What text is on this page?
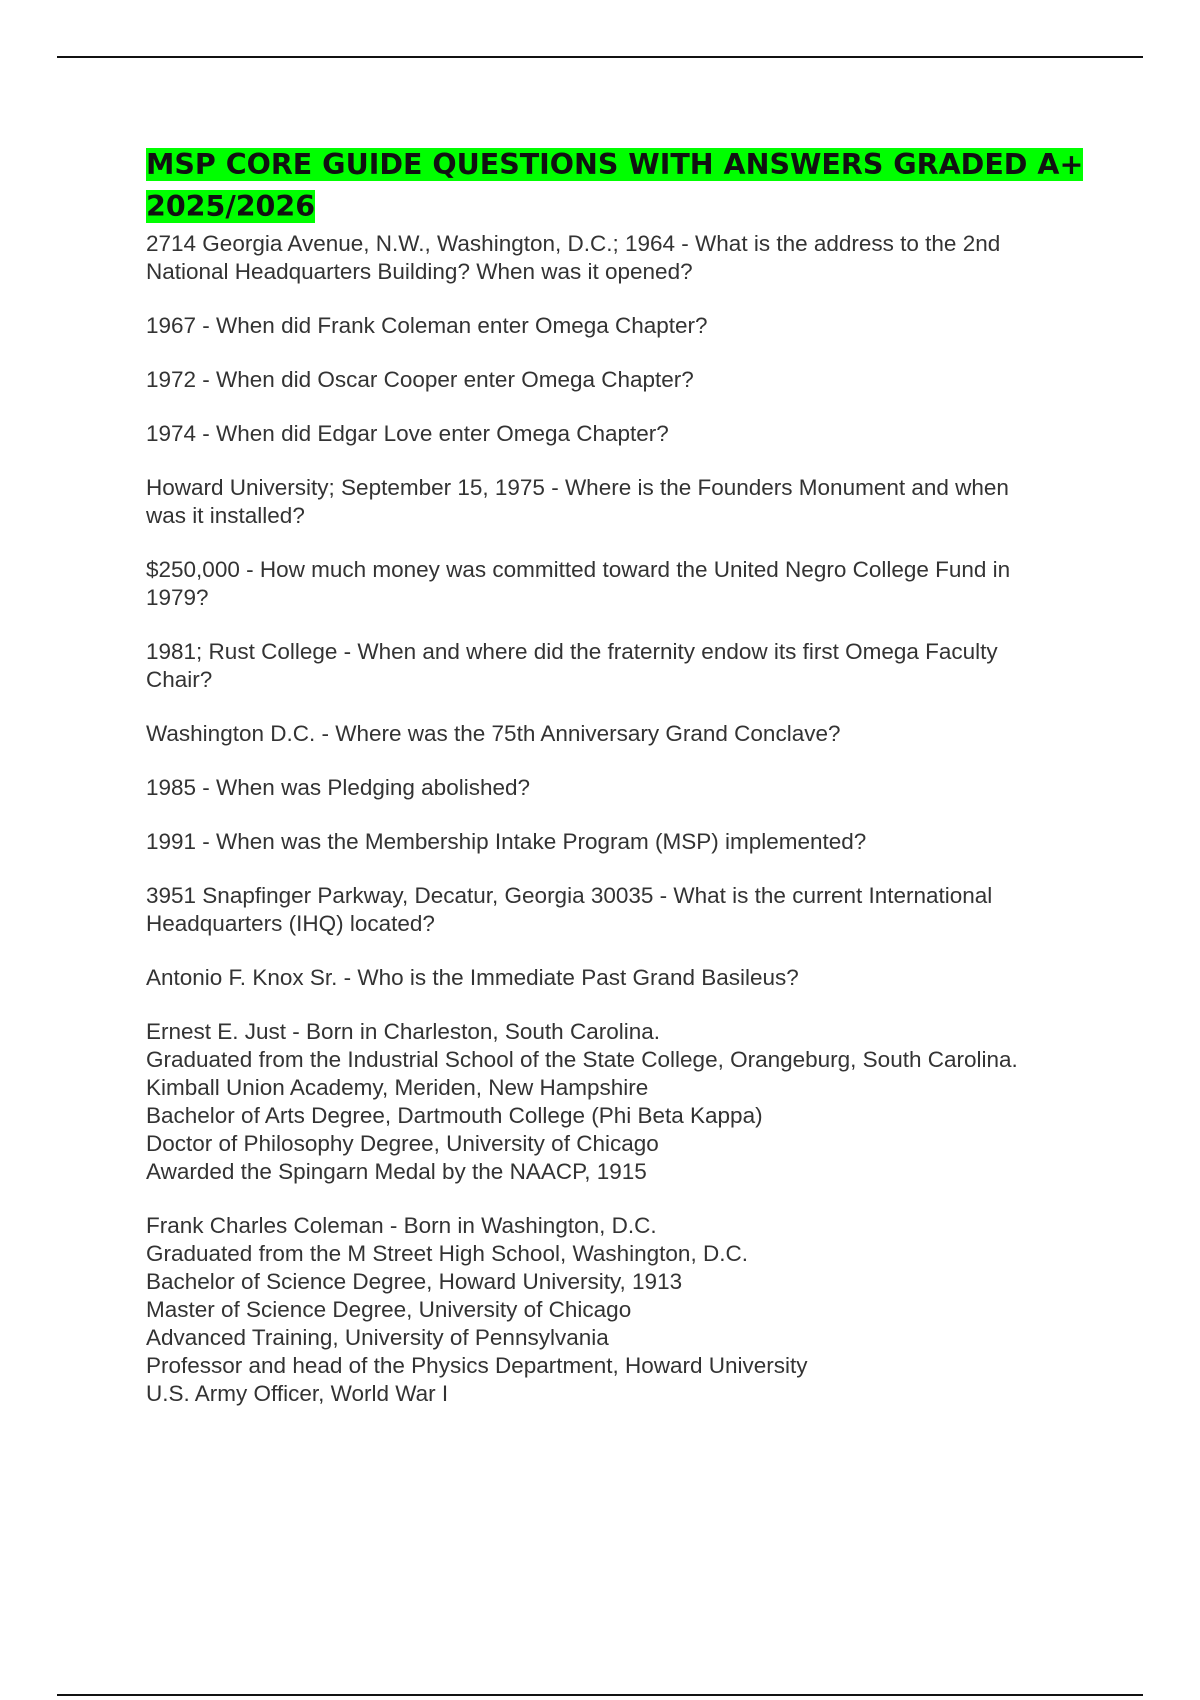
MSP CORE GUIDE QUESTIONS WITH ANSWERS GRADED A+ 2025/2026
2714 Georgia Avenue, N.W., Washington, D.C.; 1964 - What is the address to the 2nd
National Headquarters Building? When was it opened?
1967 - When did Frank Coleman enter Omega Chapter?
1972 - When did Oscar Cooper enter Omega Chapter?
1974 - When did Edgar Love enter Omega Chapter?
Howard University; September 15, 1975 - Where is the Founders Monument and when
was it installed?
$250,000 - How much money was committed toward the United Negro College Fund in
1979?
1981; Rust College - When and where did the fraternity endow its first Omega Faculty
Chair?
Washington D.C. - Where was the 75th Anniversary Grand Conclave?
1985 - When was Pledging abolished?
1991 - When was the Membership Intake Program (MSP) implemented?
3951 Snapfinger Parkway, Decatur, Georgia 30035 - What is the current International
Headquarters (IHQ) located?
Antonio F. Knox Sr. - Who is the Immediate Past Grand Basileus?
Ernest E. Just - Born in Charleston, South Carolina.
Graduated from the Industrial School of the State College, Orangeburg, South Carolina.
Kimball Union Academy, Meriden, New Hampshire
Bachelor of Arts Degree, Dartmouth College (Phi Beta Kappa)
Doctor of Philosophy Degree, University of Chicago
Awarded the Spingarn Medal by the NAACP, 1915
Frank Charles Coleman - Born in Washington, D.C.
Graduated from the M Street High School, Washington, D.C.
Bachelor of Science Degree, Howard University, 1913
Master of Science Degree, University of Chicago
Advanced Training, University of Pennsylvania
Professor and head of the Physics Department, Howard University
U.S. Army Officer, World War I
